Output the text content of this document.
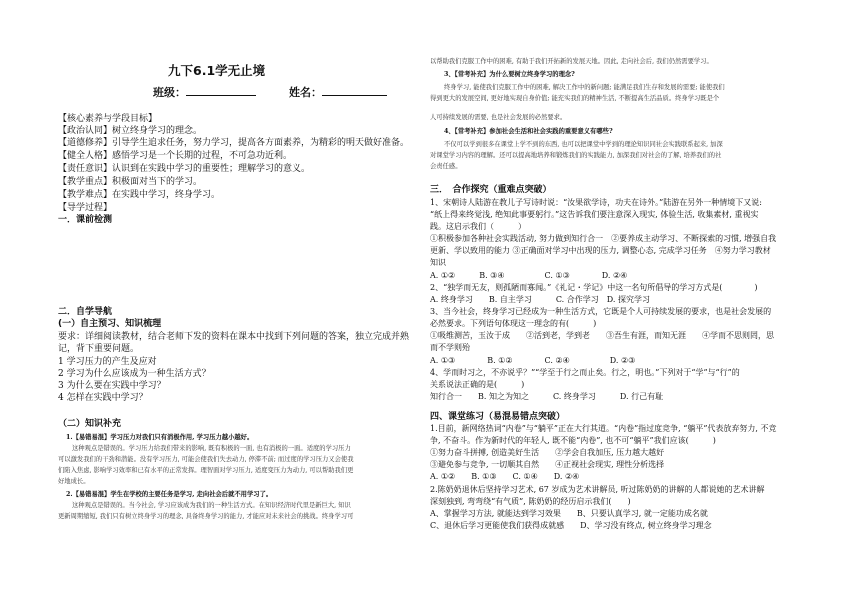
九下6.1学无止境
班级：	姓名：
【核心素养与学段目标】
【政治认同】树立终身学习的理念。
【道德修养】引导学生追求任务，努力学习，提高各方面素养，为精彩的明天做好准备。
【健全人格】感悟学习是一个长期的过程，不可急功近利。
【责任意识】认识到在实践中学习的重要性；理解学习的意义。
【教学重点】积极面对当下的学习。
【教学难点】在实践中学习，终身学习。
【导学过程】
一．课前检测
二．自学导航
(一）自主预习、知识梳理
要求：详细阅读教材，结合老师下发的资料在课本中找到下列问题的答案，独立完成并熟
记，背下重要问题。
1 学习压力的产生及应对
2 学习为什么应该成为一种生活方式？
3 为什么要在实践中学习？
4 怎样在实践中学习？
（二）知识补充
1.【易错易混】学习压力对我们只有消极作用, 学习压力越小越好。
这种观点是错误的。学习压力给我们带来的影响, 既有积极的一面, 也有消极的一面。适度的学习压力
可以激发我们的干劲和潜能。没有学习压力, 可能会使我们失去动力, 停滞不前; 而过度的学习压力又会使我
们陷入焦虑, 影响学习效率和已有水平的正常发挥。理智面对学习压力, 适度变压力为动力, 可以帮助我们更
好地成长。
2.【易错易混】学生在学校的主要任务是学习, 走向社会后就不用学习了。
这种观点是错误的。当今社会, 学习应该成为我们的一种生活方式。在知识经济时代里是新巨大, 知识
更新周期缩短, 我们只有树立终身学习的理念, 具备终身学习的能力, 才能应对未来社会的挑战。终身学习可
以帮助我们克服工作中的困难, 有助于我们开拓新的发展天地。因此, 走向社会后, 我们仍然需要学习。
3、【常考补充】为什么要树立终身学习的理念?
终身学习, 能使我们克服工作中的困难, 解决工作中的新问题; 能满足我们生存和发展的需要; 能使我们
得到更大的发展空间, 更好地实现自身价值; 能充实我们的精神生活, 不断提高生活品质。终身学习既是个
人可持续发展的需要, 也是社会发展的必然要求。
4、【常考补充】参加社会生活和社会实践的重要意义有哪些?
不仅可以学到很多在课堂上学不到的东西, 也可以把课堂中学到的理论知识同社会实践联系起来, 加深
对课堂学习内容的理解。还可以提高地培养和锻炼我们的实践能力, 加深我们对社会的了解, 培养我们的社
会责任感。
三．　合作探究（重难点突破）
1、宋朝诗人陆游在教儿子写诗时说：“汝果欲学诗，功夫在诗外。”陆游在另外一种情境下又说:
“纸上得来终觉浅, 绝知此事要躬行。”这告诉我们要注意深入现实, 体验生活, 收集素材, 重视实
践。这启示我们（　　　）
①积极参加各种社会实践活动, 努力做到知行合一　②要养成主动学习、不断探索的习惯, 增强自我
更新、学以致用的能力 ③正确面对学习中出现的压力, 调整心态, 完成学习任务　④努力学习教材
知识
A. ①②　　　B. ③④　　　　　C. ①③　　　　D. ②④
2、“独学而无友，则孤陋而寡闻。”《礼记・学记》中这一名句所倡导的学习方式是(　　　　)
A. 终身学习　　B. 自主学习　　　C. 合作学习　D. 探究学习
3、当今社会，终身学习已经成为一种生活方式，它既是个人可持续发展的要求，也是社会发展的
必然要求。下列语句体现这一理念的有(　　　)
①吸维测苦，玉汝于成　　②活到老，学到老　　③吾生有涯，而知无涯　　④学而不思则罔，思
而不学则殆
A. ①③　　　　B. ①②　　　　C. ②④　　　　　D. ②③
4、学而时习之，不亦说乎？”“学至于行之而止矣。行之，明也。”下列对于“学”与“行”的
关系说法正确的是(　　　)
知行合一　　B. 知之为知之　　　C. 终身学习　　　D. 行己有耻
四、课堂练习（易混易错点突破）
1.目前，新网络热词“内卷”与“躺平”正在大行其道。“内卷”指过度竞争, “躺平”代表放弃努力, 不竞
争, 不奋斗。作为新时代的年轻人, 既不能“内卷”, 也不可“躺平”我们应该(　　　)
①努力奋斗拼搏, 创造美好生活　　②学会自我加压, 压力越大越好
③避免参与竞争, 一切顺其自然　　④正视社会现实, 理性分析选择
A. ①②　　B. ①③　　C. ①④　　D. ②④
2.陈奶奶退休后坚持学习艺术, 67 岁成为艺术讲解员, 听过陈奶奶的讲解的人都说她的艺术讲解
深刻独到, 弯弯绕“有气质”, 陈奶奶的经历启示我们(　　)
A、掌握学习方法, 就能达到学习效果　　B、只要认真学习, 就一定能功成名就
C、退休后学习更能使我们获得成就感　　D、学习没有终点, 树立终身学习理念
